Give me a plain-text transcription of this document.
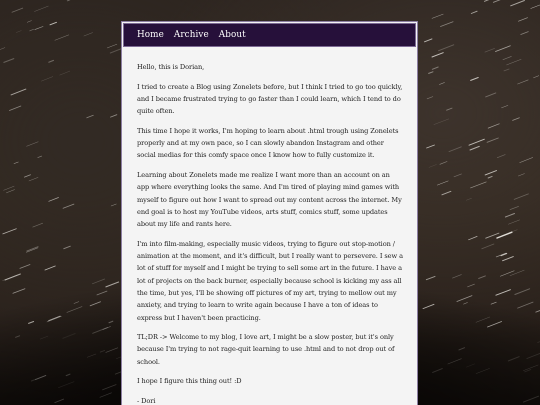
Home Archive About

Hello, this is Dorian,

I tried to create a Blog using Zonelets before, but I think I tried to go too quickly, and I became frustrated trying to go faster than I could learn, which I tend to do quite often.

This time I hope it works, I'm hoping to learn about .html trough using Zonelets properly and at my own pace, so I can slowly abandon Instagram and other social medias for this comfy space once I know how to fully customize it.

Learning about Zonelets made me realize I want more than an account on an app where everything looks the same. And I'm tired of playing mind games with myself to figure out how I want to spread out my content across the internet. My end goal is to host my YouTube videos, arts stuff, comics stuff, some updates about my life and rants here.

I'm into film-making, especially music videos, trying to figure out stop-motion / animation at the moment, and it's difficult, but I really want to persevere. I sew a lot of stuff for myself and I might be trying to sell some art in the future. I have a lot of projects on the back burner, especially because school is kicking my ass all the time, but yes, I'll be showing off pictures of my art, trying to mellow out my anxiety, and trying to learn to write again because I have a ton of ideas to express but I haven't been practicing.

TL;DR -> Welcome to my blog, I love art, I might be a slow poster, but it's only because I'm trying to not rage-quit learning to use .html and to not drop out of school.

I hope I figure this thing out! :D

- Dori
